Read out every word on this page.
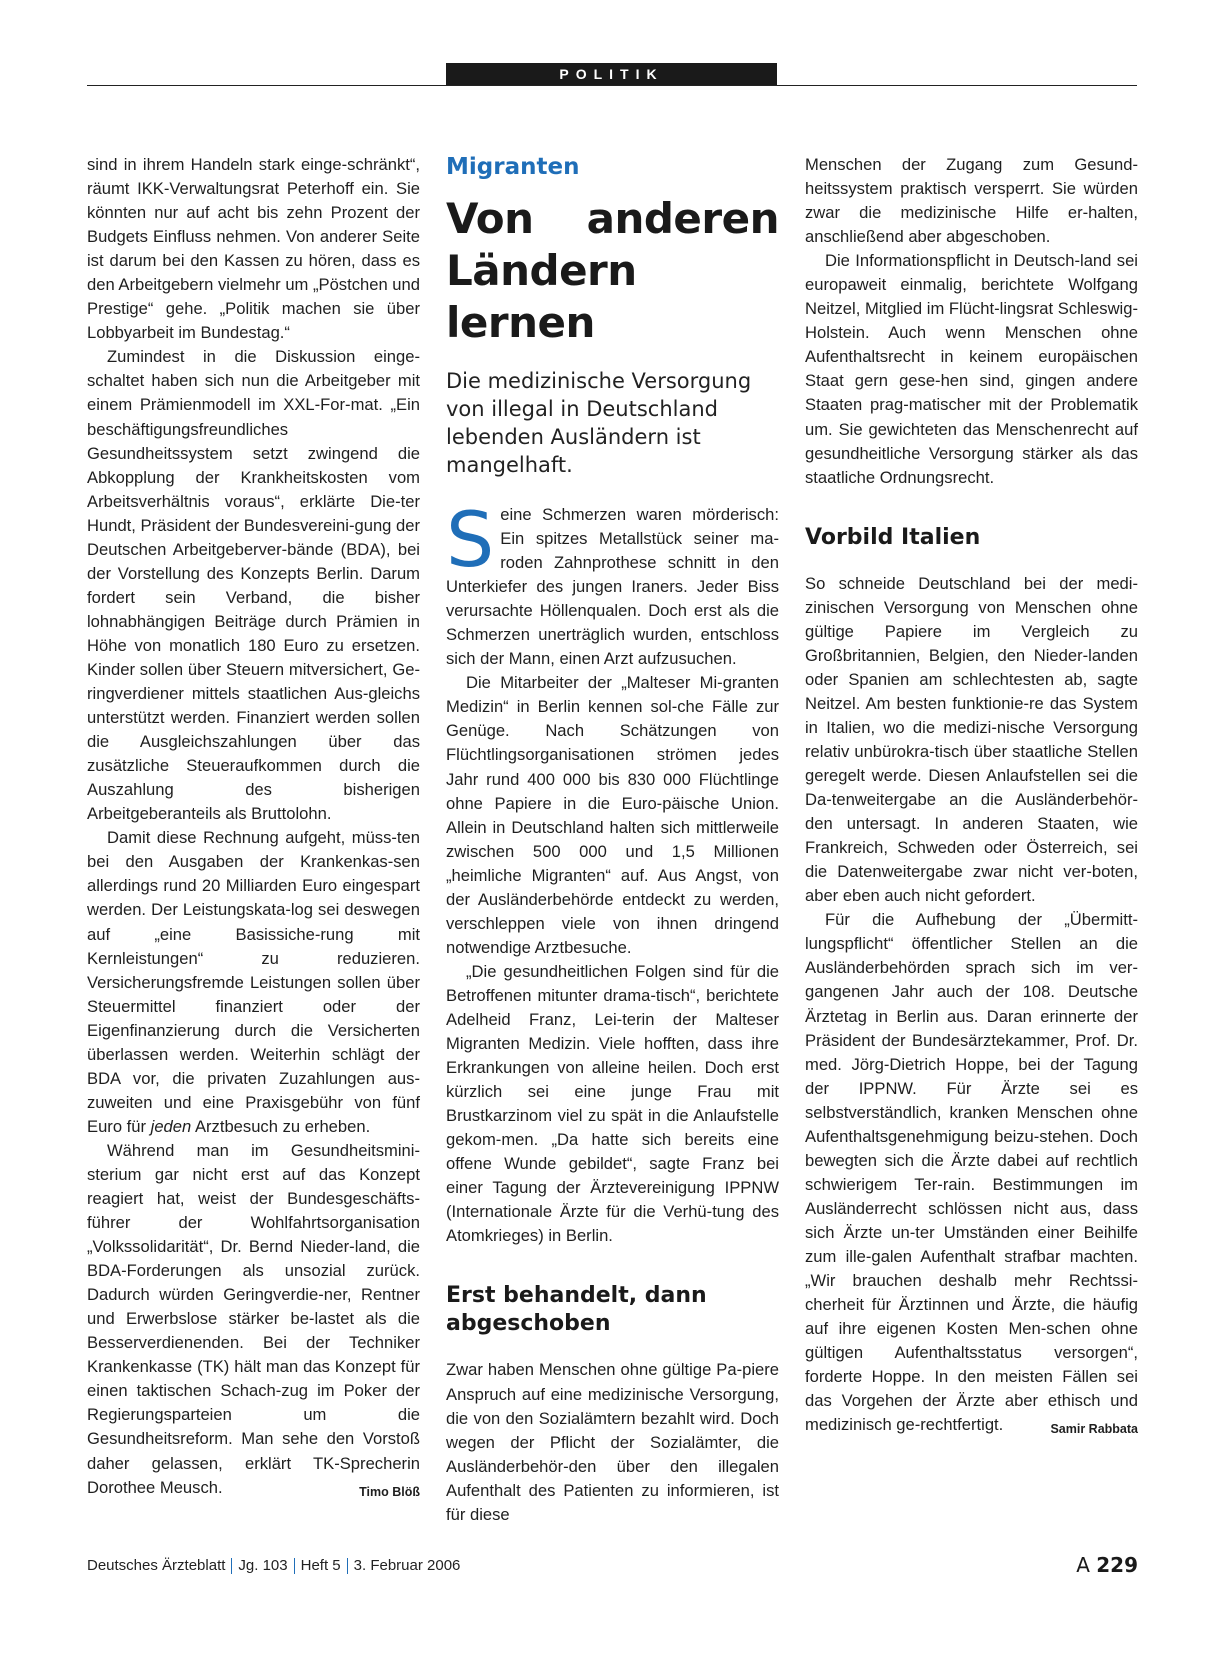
POLITIK

sind in ihrem Handeln stark einge-schränkt“, räumt IKK-Verwaltungsrat Peterhoff ein. Sie könnten nur auf acht bis zehn Prozent der Budgets Einfluss nehmen. Von anderer Seite ist darum bei den Kassen zu hören, dass es den Arbeitgebern vielmehr um „Pöstchen und Prestige“ gehe. „Politik machen sie über Lobbyarbeit im Bundestag.“

Zumindest in die Diskussion einge-schaltet haben sich nun die Arbeitgeber mit einem Prämienmodell im XXL-For-mat. „Ein beschäftigungsfreundliches Gesundheitssystem setzt zwingend die Abkopplung der Krankheitskosten vom Arbeitsverhältnis voraus“, erklärte Die-ter Hundt, Präsident der Bundesvereini-gung der Deutschen Arbeitgeberver-bände (BDA), bei der Vorstellung des Konzepts Berlin. Darum fordert sein Verband, die bisher lohnabhängigen Beiträge durch Prämien in Höhe von monatlich 180 Euro zu ersetzen. Kinder sollen über Steuern mitversichert, Ge-ringverdiener mittels staatlichen Aus-gleichs unterstützt werden. Finanziert werden sollen die Ausgleichszahlungen über das zusätzliche Steueraufkommen durch die Auszahlung des bisherigen Arbeitgeberanteils als Bruttolohn.

Damit diese Rechnung aufgeht, müss-ten bei den Ausgaben der Krankenkas-sen allerdings rund 20 Milliarden Euro eingespart werden. Der Leistungskata-log sei deswegen auf „eine Basissiche-rung mit Kernleistungen“ zu reduzieren. Versicherungsfremde Leistungen sollen über Steuermittel finanziert oder der Eigenfinanzierung durch die Versicherten überlassen werden. Weiterhin schlägt der BDA vor, die privaten Zuzahlungen aus-zuweiten und eine Praxisgebühr von fünf Euro für jeden Arztbesuch zu erheben.

Während man im Gesundheitsmini-sterium gar nicht erst auf das Konzept reagiert hat, weist der Bundesgeschäfts-führer der Wohlfahrtsorganisation „Volkssolidarität“, Dr. Bernd Nieder-land, die BDA-Forderungen als unsozial zurück. Dadurch würden Geringverdie-ner, Rentner und Erwerbslose stärker be-lastet als die Besserverdienenden. Bei der Techniker Krankenkasse (TK) hält man das Konzept für einen taktischen Schach-zug im Poker der Regierungsparteien um die Gesundheitsreform. Man sehe den Vorstoß daher gelassen, erklärt TK-Sprecherin Dorothee Meusch.	Timo Blöß

Migranten
Von anderen Ländern lernen
Die medizinische Versorgung von illegal in Deutschland lebenden Ausländern ist mangelhaft.

Seine Schmerzen waren mörderisch: Ein spitzes Metallstück seiner ma-roden Zahnprothese schnitt in den Unterkiefer des jungen Iraners. Jeder Biss verursachte Höllenqualen. Doch erst als die Schmerzen unerträglich wurden, entschloss sich der Mann, einen Arzt aufzusuchen.

Die Mitarbeiter der „Malteser Mi-granten Medizin“ in Berlin kennen sol-che Fälle zur Genüge. Nach Schätzungen von Flüchtlingsorganisationen strömen jedes Jahr rund 400 000 bis 830 000 Flüchtlinge ohne Papiere in die Euro-päische Union. Allein in Deutschland halten sich mittlerweile zwischen 500 000 und 1,5 Millionen „heimliche Migranten“ auf. Aus Angst, von der Ausländerbehörde entdeckt zu werden, verschleppen viele von ihnen dringend notwendige Arztbesuche.

„Die gesundheitlichen Folgen sind für die Betroffenen mitunter drama-tisch“, berichtete Adelheid Franz, Lei-terin der Malteser Migranten Medizin. Viele hofften, dass ihre Erkrankungen von alleine heilen. Doch erst kürzlich sei eine junge Frau mit Brustkarzinom viel zu spät in die Anlaufstelle gekom-men. „Da hatte sich bereits eine offene Wunde gebildet“, sagte Franz bei einer Tagung der Ärztevereinigung IPPNW (Internationale Ärzte für die Verhü-tung des Atomkrieges) in Berlin.

Erst behandelt, dann abgeschoben

Zwar haben Menschen ohne gültige Pa-piere Anspruch auf eine medizinische Versorgung, die von den Sozialämtern bezahlt wird. Doch wegen der Pflicht der Sozialämter, die Ausländerbehör-den über den illegalen Aufenthalt des Patienten zu informieren, ist für diese

Menschen der Zugang zum Gesund-heitssystem praktisch versperrt. Sie würden zwar die medizinische Hilfe er-halten, anschließend aber abgeschoben.

Die Informationspflicht in Deutsch-land sei europaweit einmalig, berichtete Wolfgang Neitzel, Mitglied im Flücht-lingsrat Schleswig-Holstein. Auch wenn Menschen ohne Aufenthaltsrecht in keinem europäischen Staat gern gese-hen sind, gingen andere Staaten prag-matischer mit der Problematik um. Sie gewichteten das Menschenrecht auf gesundheitliche Versorgung stärker als das staatliche Ordnungsrecht.

Vorbild Italien

So schneide Deutschland bei der medi-zinischen Versorgung von Menschen ohne gültige Papiere im Vergleich zu Großbritannien, Belgien, den Nieder-landen oder Spanien am schlechtesten ab, sagte Neitzel. Am besten funktionie-re das System in Italien, wo die medizi-nische Versorgung relativ unbürokra-tisch über staatliche Stellen geregelt werde. Diesen Anlaufstellen sei die Da-tenweitergabe an die Ausländerbehör-den untersagt. In anderen Staaten, wie Frankreich, Schweden oder Österreich, sei die Datenweitergabe zwar nicht ver-boten, aber eben auch nicht gefordert.

Für die Aufhebung der „Übermitt-lungspflicht“ öffentlicher Stellen an die Ausländerbehörden sprach sich im ver-gangenen Jahr auch der 108. Deutsche Ärztetag in Berlin aus. Daran erinnerte der Präsident der Bundesärztekammer, Prof. Dr. med. Jörg-Dietrich Hoppe, bei der Tagung der IPPNW. Für Ärzte sei es selbstverständlich, kranken Menschen ohne Aufenthaltsgenehmigung beizu-stehen. Doch bewegten sich die Ärzte dabei auf rechtlich schwierigem Ter-rain. Bestimmungen im Ausländerrecht schlössen nicht aus, dass sich Ärzte un-ter Umständen einer Beihilfe zum ille-galen Aufenthalt strafbar machten. „Wir brauchen deshalb mehr Rechtssi-cherheit für Ärztinnen und Ärzte, die häufig auf ihre eigenen Kosten Men-schen ohne gültigen Aufenthaltsstatus versorgen“, forderte Hoppe. In den meisten Fällen sei das Vorgehen der Ärzte aber ethisch und medizinisch ge-rechtfertigt.	Samir Rabbata

Deutsches Ärzteblatt Jg. 103 Heft 5 3. Februar 2006	A 229
